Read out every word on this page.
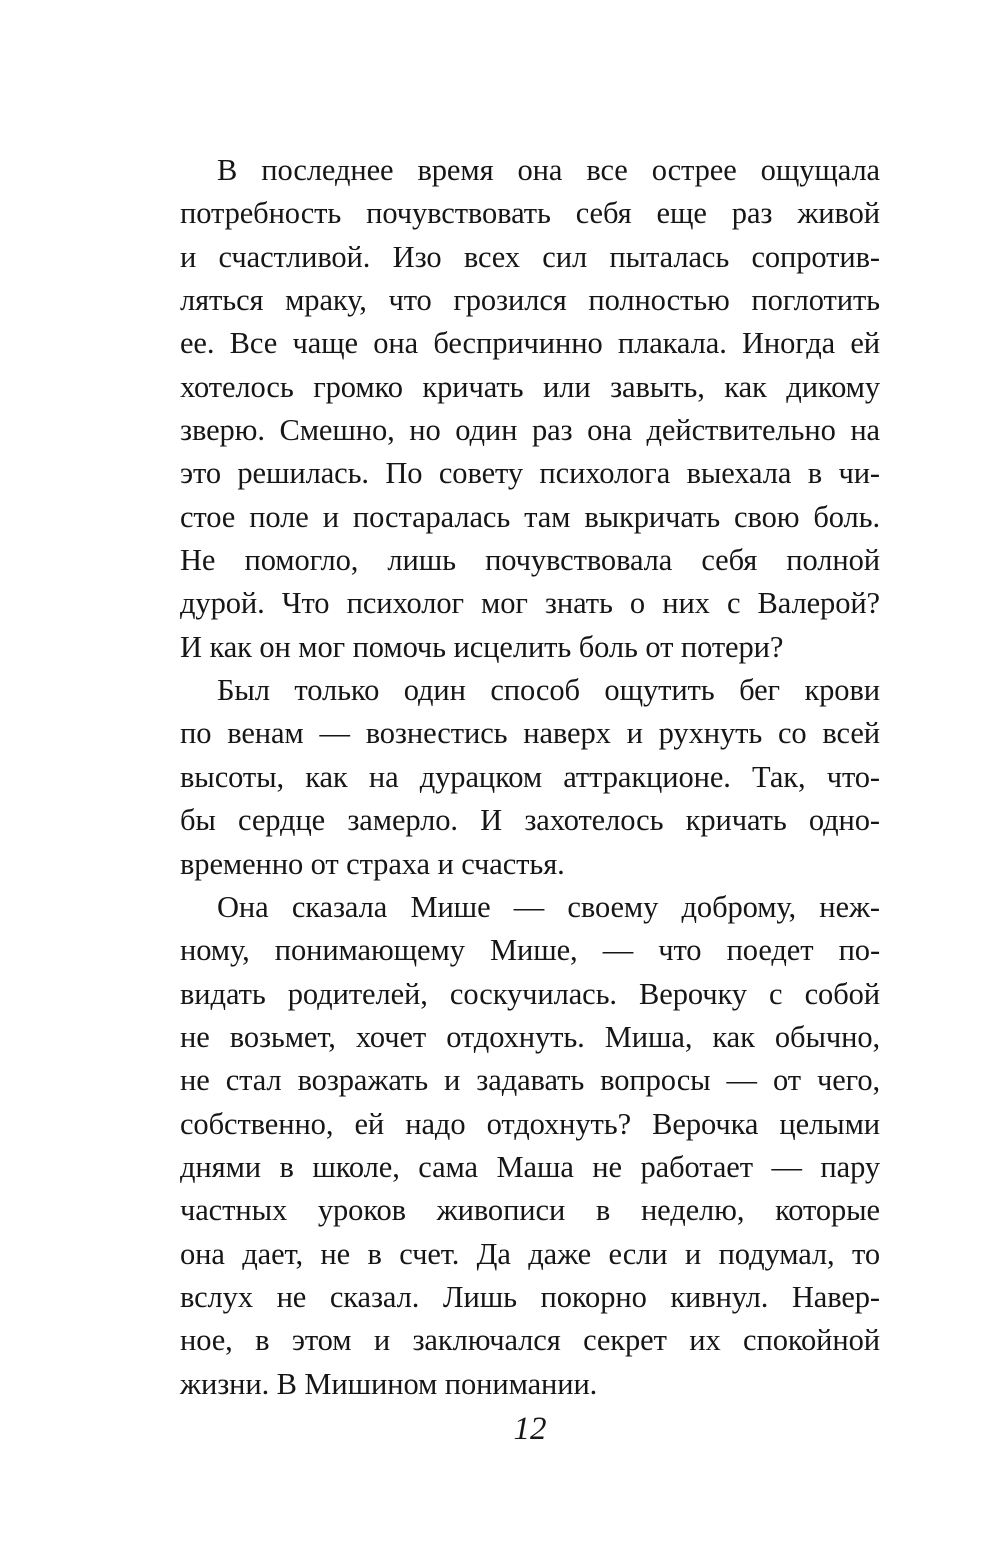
В последнее время она все острее ощущала
потребность почувствовать себя еще раз живой
и счастливой. Изо всех сил пыталась сопротив-
ляться мраку, что грозился полностью поглотить
ее. Все чаще она беспричинно плакала. Иногда ей
хотелось громко кричать или завыть, как дикому
зверю. Смешно, но один раз она действительно на
это решилась. По совету психолога выехала в чи-
стое поле и постаралась там выкричать свою боль.
Не помогло, лишь почувствовала себя полной
дурой. Что психолог мог знать о них с Валерой?
И как он мог помочь исцелить боль от потери?
Был только один способ ощутить бег крови
по венам — вознестись наверх и рухнуть со всей
высоты, как на дурацком аттракционе. Так, что-
бы сердце замерло. И захотелось кричать одно-
временно от страха и счастья.
Она сказала Мише — своему доброму, неж-
ному, понимающему Мише, — что поедет по-
видать родителей, соскучилась. Верочку с собой
не возьмет, хочет отдохнуть. Миша, как обычно,
не стал возражать и задавать вопросы — от чего,
собственно, ей надо отдохнуть? Верочка целыми
днями в школе, сама Маша не работает — пару
частных уроков живописи в неделю, которые
она дает, не в счет. Да даже если и подумал, то
вслух не сказал. Лишь покорно кивнул. Навер-
ное, в этом и заключался секрет их спокойной
жизни. В Мишином понимании.
12
